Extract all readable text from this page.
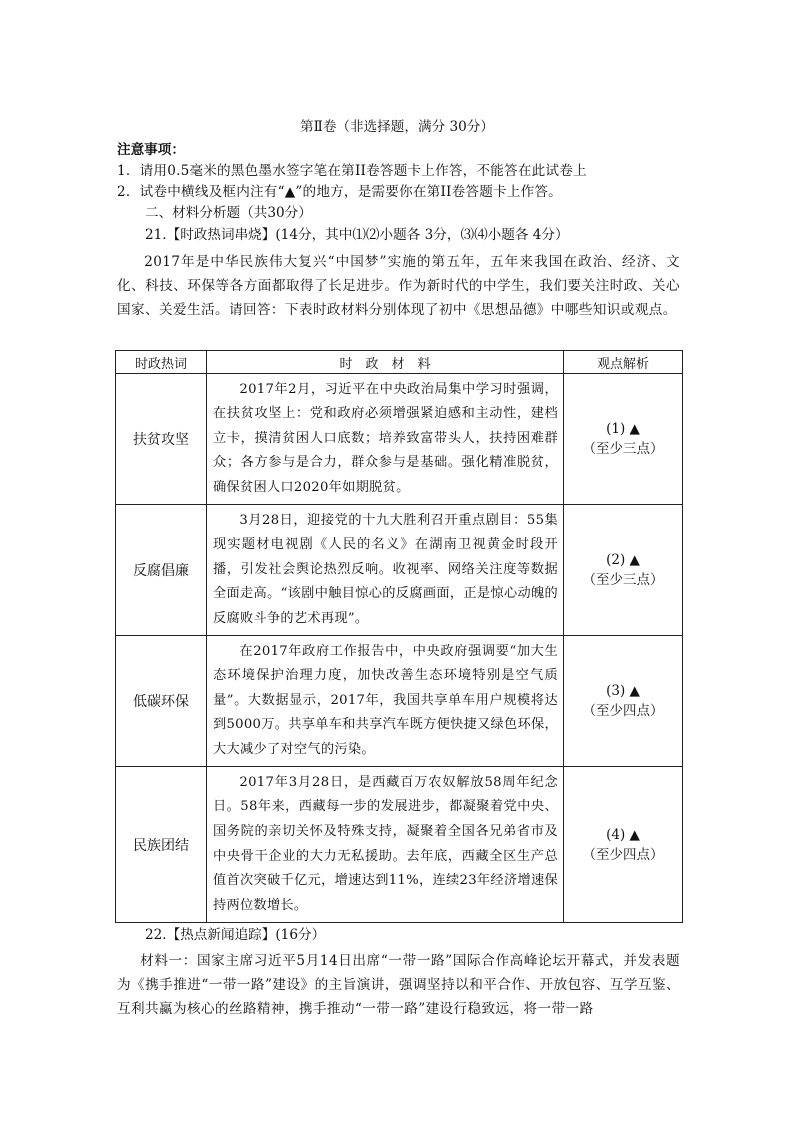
第Ⅱ卷（非选择题，满分 30分）
注意事项：
1．请用0.5毫米的黑色墨水签字笔在第II卷答题卡上作答，不能答在此试卷上
2．试卷中横线及框内注有“▲”的地方，是需要你在第II卷答题卡上作答。
二、材料分析题（共30分）
21.【时政热词串烧】(14分，其中⑴⑵小题各 3分，⑶⑷小题各 4分）
2017年是中华民族伟大复兴“中国梦”实施的第五年，五年来我国在政治、经济、文化、科技、环保等各方面都取得了长足进步。作为新时代的中学生，我们要关注时政、关心国家、关爱生活。请回答：下表时政材料分别体现了初中《思想品德》中哪些知识或观点。
时政热词	时　政　材　料	观点解析
扶贫攻坚	2017年2月，习近平在中央政治局集中学习时强调，在扶贫攻坚上：党和政府必须增强紧迫感和主动性，建档立卡，摸清贫困人口底数；培养致富带头人，扶持困难群众；各方参与是合力，群众参与是基础。强化精准脱贫，确保贫困人口2020年如期脱贫。	(1) ▲
（至少三点）

反腐倡廉	3月28日，迎接党的十九大胜利召开重点剧目：55集现实题材电视剧《人民的名义》在湖南卫视黄金时段开播，引发社会舆论热烈反响。收视率、网络关注度等数据全面走高。“该剧中触目惊心的反腐画面，正是惊心动魄的反腐败斗争的艺术再现”。	(2) ▲
（至少三点）

低碳环保	在2017年政府工作报告中，中央政府强调要“加大生态环境保护治理力度，加快改善生态环境特别是空气质量”。大数据显示，2017年，我国共享单车用户规模将达到5000万。共享单车和共享汽车既方便快捷又绿色环保，大大减少了对空气的污染。	(3) ▲
（至少四点）

民族团结	2017年3月28日，是西藏百万农奴解放58周年纪念日。58年来，西藏每一步的发展进步，都凝聚着党中央、国务院的亲切关怀及特殊支持，凝聚着全国各兄弟省市及中央骨干企业的大力无私援助。去年底，西藏全区生产总值首次突破千亿元，增速达到11%，连续23年经济增速保持两位数增长。	(4) ▲
（至少四点）
22.【热点新闻追踪】(16分）
材料一：国家主席习近平5月14日出席“一带一路”国际合作高峰论坛开幕式，并发表题为《携手推进“一带一路”建设》的主旨演讲，强调坚持以和平合作、开放包容、互学互鉴、互利共赢为核心的丝路精神，携手推动“一带一路”建设行稳致远，将一带一路
